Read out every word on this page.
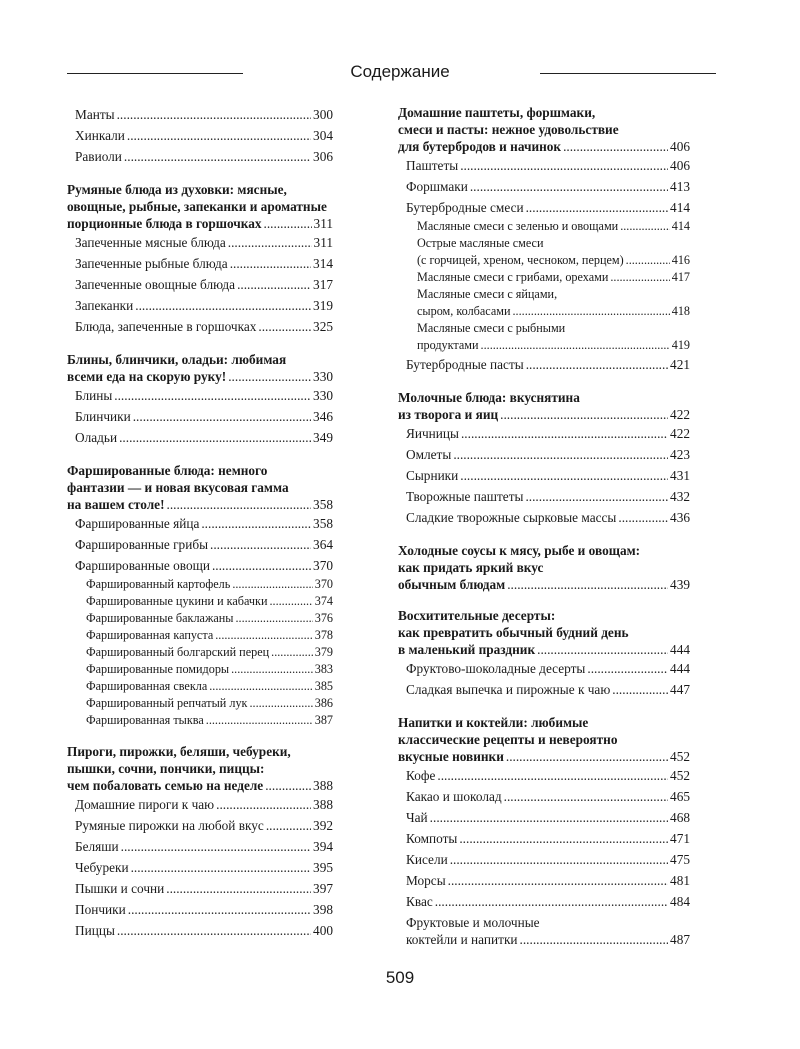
Содержание
Манты .....	300
Хинкали .....	304
Равиоли .....	306
Румяные блюда из духовки: мясные,
овощные, рыбные, запеканки и ароматные
порционные блюда в горшочках .....	311
Запеченные мясные блюда .....	311
Запеченные рыбные блюда .....	314
Запеченные овощные блюда .....	317
Запеканки .....	319
Блюда, запеченные в горшочках .....	325
Блины, блинчики, оладьи: любимая
всеми еда на скорую руку! .....	330
Блины .....	330
Блинчики .....	346
Оладьи .....	349
Фаршированные блюда: немного
фантазии — и новая вкусовая гамма
на вашем столе! .....	358
Фаршированные яйца .....	358
Фаршированные грибы .....	364
Фаршированные овощи .....	370
Фаршированный картофель .....	370
Фаршированные цукини и кабачки .....	374
Фаршированные баклажаны .....	376
Фаршированная капуста .....	378
Фаршированный болгарский перец .....	379
Фаршированные помидоры .....	383
Фаршированная свекла .....	385
Фаршированный репчатый лук .....	386
Фаршированная тыква .....	387
Пироги, пирожки, беляши, чебуреки,
пышки, сочни, пончики, пиццы:
чем побаловать семью на неделе .....	388
Домашние пироги к чаю .....	388
Румяные пирожки на любой вкус .....	392
Беляши .....	394
Чебуреки .....	395
Пышки и сочни .....	397
Пончики .....	398
Пиццы .....	400
Домашние паштеты, форшмаки,
смеси и пасты: нежное удовольствие
для бутербродов и начинок .....	406
Паштеты .....	406
Форшмаки .....	413
Бутербродные смеси .....	414
Масляные смеси с зеленью и овощами .....	414
Острые масляные смеси
(с горчицей, хреном, чесноком, перцем) .....	416
Масляные смеси с грибами, орехами .....	417
Масляные смеси с яйцами,
сыром, колбасами .....	418
Масляные смеси с рыбными
продуктами .....	419
Бутербродные пасты .....	421
Молочные блюда: вкуснятина
из творога и яиц .....	422
Яичницы .....	422
Омлеты .....	423
Сырники .....	431
Творожные паштеты .....	432
Сладкие творожные сырковые массы .....	436
Холодные соусы к мясу, рыбе и овощам:
как придать яркий вкус
обычным блюдам .....	439
Восхитительные десерты:
как превратить обычный будний день
в маленький праздник .....	444
Фруктово-шоколадные десерты .....	444
Сладкая выпечка и пирожные к чаю .....	447
Напитки и коктейли: любимые
классические рецепты и невероятно
вкусные новинки .....	452
Кофе .....	452
Какао и шоколад .....	465
Чай .....	468
Компоты .....	471
Кисели .....	475
Морсы .....	481
Квас .....	484
Фруктовые и молочные
коктейли и напитки .....	487
509
